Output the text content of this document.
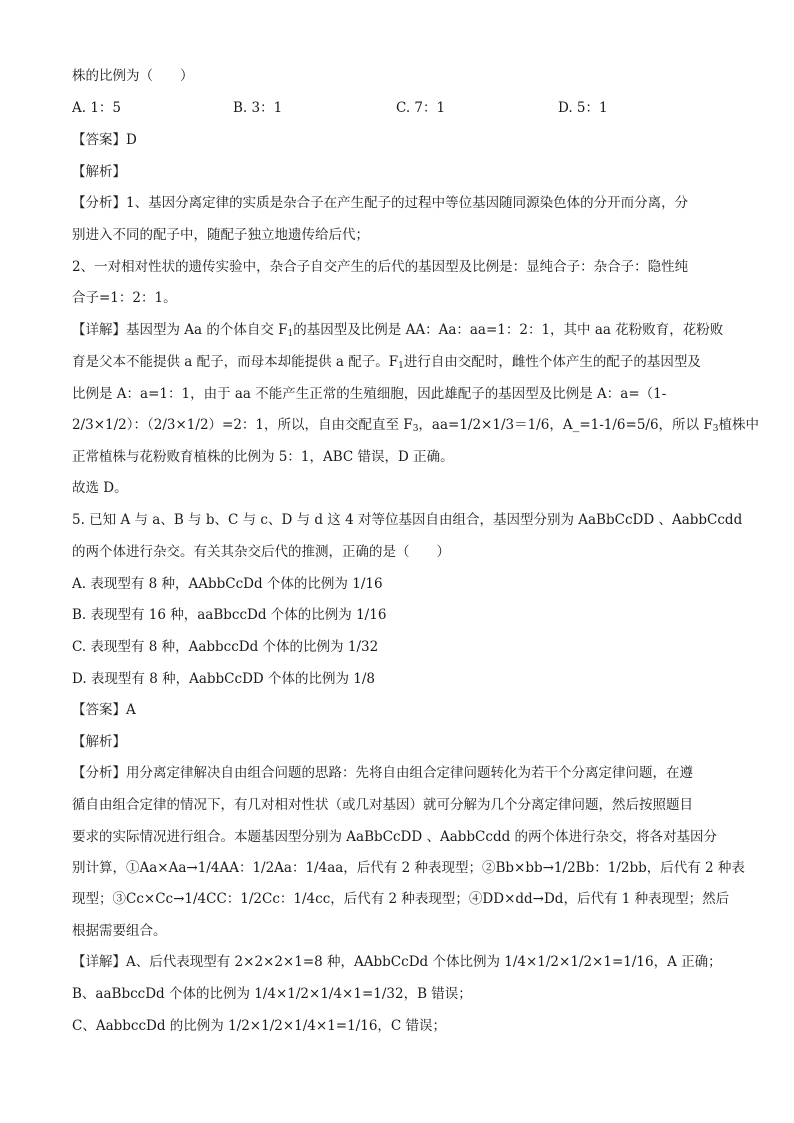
株的比例为（　　）
A. 1：5	B. 3：1	C. 7：1	D. 5：1
【答案】D
【解析】
【分析】1、基因分离定律的实质是杂合子在产生配子的过程中等位基因随同源染色体的分开而分离，分
别进入不同的配子中，随配子独立地遗传给后代；
2、一对相对性状的遗传实验中，杂合子自交产生的后代的基因型及比例是：显纯合子：杂合子：隐性纯
合子=1：2：1。
【详解】基因型为 Aa 的个体自交 $F_1$的基因型及比例是 AA：Aa：aa=1：2：1，其中 aa 花粉败育，花粉败
育是父本不能提供 a 配子，而母本却能提供 a 配子。$F_1$进行自由交配时，雌性个体产生的配子的基因型及
比例是 A：a=1：1，由于 aa 不能产生正常的生殖细胞，因此雄配子的基因型及比例是 A：a=（1-
2/3×1/2）：（2/3×1/2）=2：1，所以，自由交配直至 $F_3$，aa=1/2×1/3＝1/6，A_=1-1/6=5/6，所以 $F_3$植株中
正常植株与花粉败育植株的比例为 5：1，ABC 错误，D 正确。
故选 D。
5. 已知 A 与 a、B 与 b、C 与 c、D 与 d 这 4 对等位基因自由组合，基因型分别为 AaBbCcDD 、AabbCcdd
的两个体进行杂交。有关其杂交后代的推测，正确的是（　　）
A. 表现型有 8 种，AAbbCcDd 个体的比例为 1/16
B. 表现型有 16 种，aaBbccDd 个体的比例为 1/16
C. 表现型有 8 种，AabbccDd 个体的比例为 1/32
D. 表现型有 8 种，AabbCcDD 个体的比例为 1/8
【答案】A
【解析】
【分析】用分离定律解决自由组合问题的思路：先将自由组合定律问题转化为若干个分离定律问题，在遵
循自由组合定律的情况下，有几对相对性状（或几对基因）就可分解为几个分离定律问题，然后按照题目
要求的实际情况进行组合。本题基因型分别为 AaBbCcDD 、AabbCcdd 的两个体进行杂交，将各对基因分
别计算，①Aa×Aa→1/4AA：1/2Aa：1/4aa，后代有 2 种表现型；②Bb×bb→1/2Bb：1/2bb，后代有 2 种表
现型；③Cc×Cc→1/4CC：1/2Cc：1/4cc，后代有 2 种表现型；④DD×dd→Dd，后代有 1 种表现型；然后
根据需要组合。
【详解】A、后代表现型有 2×2×2×1=8 种，AAbbCcDd 个体比例为 1/4×1/2×1/2×1=1/16，A 正确；
B、aaBbccDd 个体的比例为 1/4×1/2×1/4×1=1/32，B 错误；
C、AabbccDd 的比例为 1/2×1/2×1/4×1=1/16，C 错误；
